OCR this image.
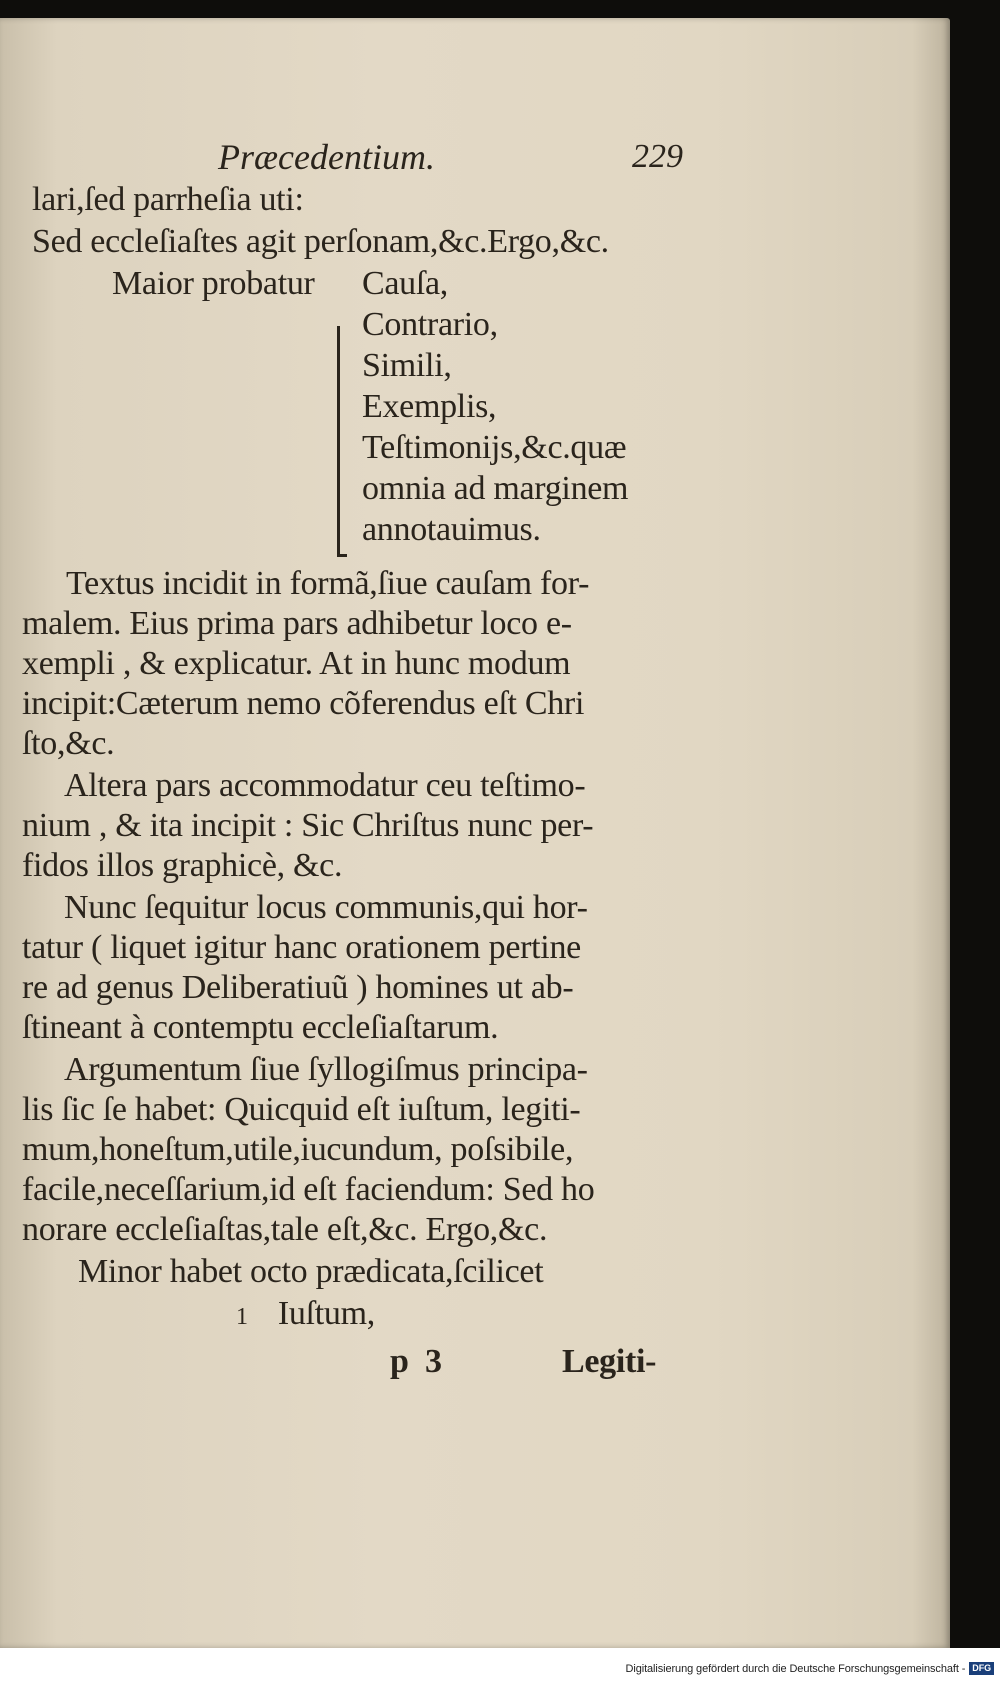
Præcedentium.	229
lari,ſed parrheſia uti:
Sed eccleſiaſtes agit perſonam,&c.Ergo,&c.
Maior probatur Cauſa,
Contrario,
Simili,
Exemplis,
Teſtimonijs,&c.quæ
omnia ad marginem
annotauimus.
Textus incidit in formã,ſiue cauſam for-
malem. Eius prima pars adhibetur loco e-
xempli , & explicatur. At in hunc modum
incipit:Cæterum nemo cõferendus eſt Chri
ſto,&c.
Altera pars accommodatur ceu teſtimo-
nium , & ita incipit : Sic Chriſtus nunc per-
fidos illos graphicè, &c.
Nunc ſequitur locus communis,qui hor-
tatur ( liquet igitur hanc orationem pertine
re ad genus Deliberatiuũ ) homines ut ab-
ſtineant à contemptu eccleſiaſtarum.
Argumentum ſiue ſyllogiſmus principa-
lis ſic ſe habet: Quicquid eſt iuſtum, legiti-
mum,honeſtum,utile,iucundum, poſsibile,
facile,neceſſarium,id eſt faciendum: Sed ho
norare eccleſiaſtas,tale eſt,&c. Ergo,&c.
Minor habet octo prædicata,ſcilicet
1 Iuſtum,
p  3	Legiti-
Digitalisierung gefördert durch die Deutsche Forschungsgemeinschaft - DFG
